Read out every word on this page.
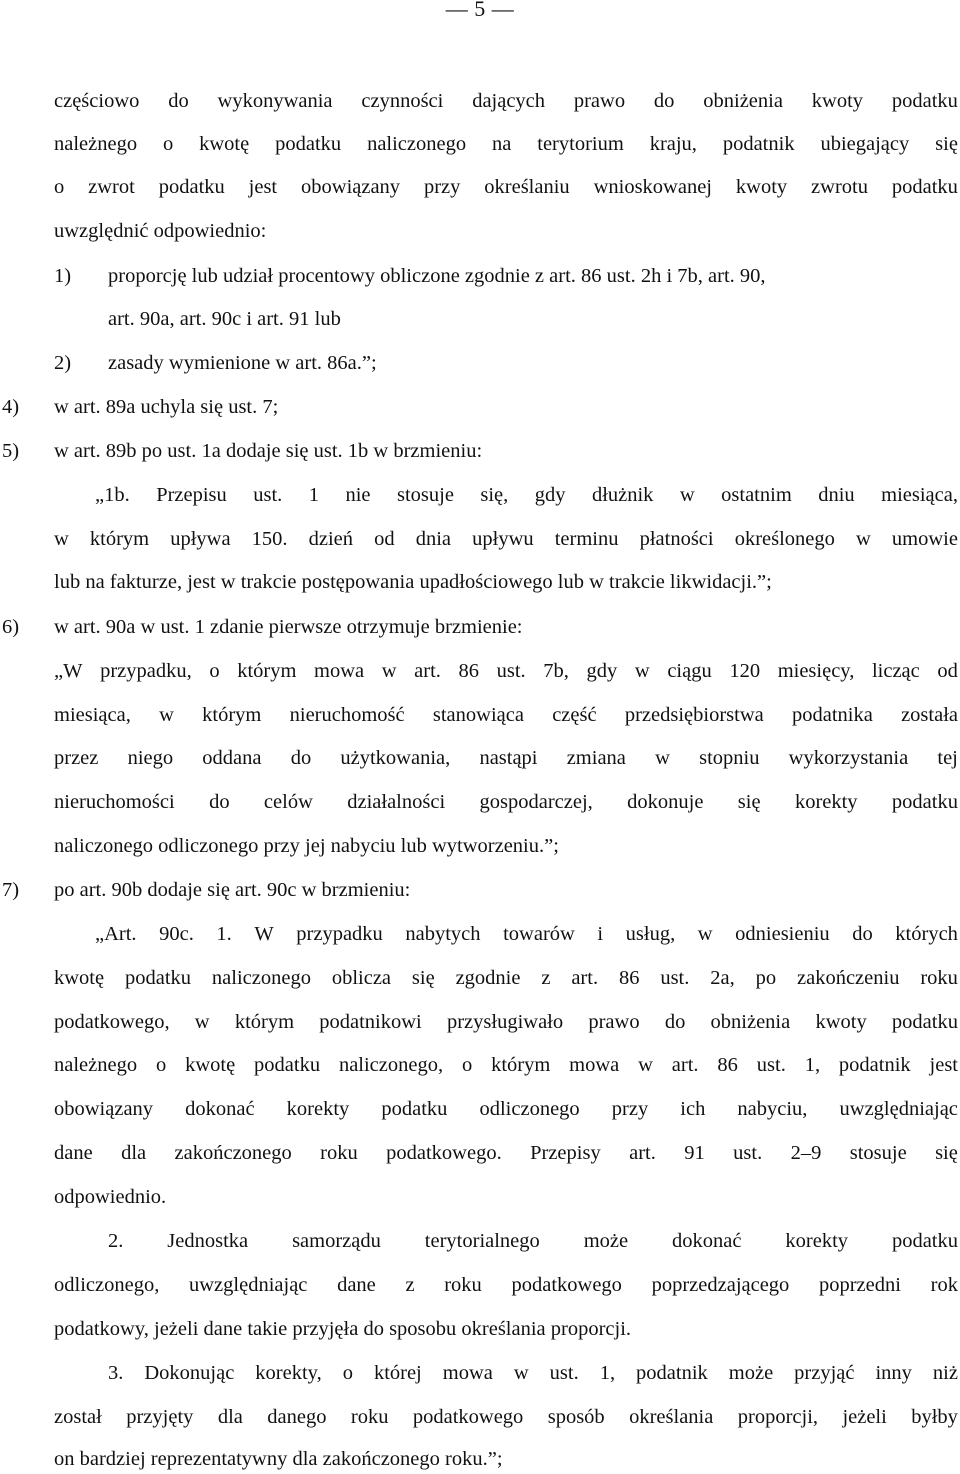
— 5 —
częściowo do wykonywania czynności dających prawo do obniżenia kwoty podatku
należnego o kwotę podatku naliczonego na terytorium kraju, podatnik ubiegający się
o zwrot podatku jest obowiązany przy określaniu wnioskowanej kwoty zwrotu podatku
uwzględnić odpowiednio:
1) proporcję lub udział procentowy obliczone zgodnie z art. 86 ust. 2h i 7b, art. 90,
art. 90a, art. 90c i art. 91 lub
2) zasady wymienione w art. 86a.”;
4) w art. 89a uchyla się ust. 7;
5) w art. 89b po ust. 1a dodaje się ust. 1b w brzmieniu:
„1b. Przepisu ust. 1 nie stosuje się, gdy dłużnik w ostatnim dniu miesiąca,
w którym upływa 150. dzień od dnia upływu terminu płatności określonego w umowie
lub na fakturze, jest w trakcie postępowania upadłościowego lub w trakcie likwidacji.”;
6) w art. 90a w ust. 1 zdanie pierwsze otrzymuje brzmienie:
„W przypadku, o którym mowa w art. 86 ust. 7b, gdy w ciągu 120 miesięcy, licząc od
miesiąca, w którym nieruchomość stanowiąca część przedsiębiorstwa podatnika została
przez niego oddana do użytkowania, nastąpi zmiana w stopniu wykorzystania tej
nieruchomości do celów działalności gospodarczej, dokonuje się korekty podatku
naliczonego odliczonego przy jej nabyciu lub wytworzeniu.”;
7) po art. 90b dodaje się art. 90c w brzmieniu:
„Art. 90c. 1. W przypadku nabytych towarów i usług, w odniesieniu do których
kwotę podatku naliczonego oblicza się zgodnie z art. 86 ust. 2a, po zakończeniu roku
podatkowego, w którym podatnikowi przysługiwało prawo do obniżenia kwoty podatku
należnego o kwotę podatku naliczonego, o którym mowa w art. 86 ust. 1, podatnik jest
obowiązany dokonać korekty podatku odliczonego przy ich nabyciu, uwzględniając
dane dla zakończonego roku podatkowego. Przepisy art. 91 ust. 2–9 stosuje się
odpowiednio.
2. Jednostka samorządu terytorialnego może dokonać korekty podatku
odliczonego, uwzględniając dane z roku podatkowego poprzedzającego poprzedni rok
podatkowy, jeżeli dane takie przyjęła do sposobu określania proporcji.
3. Dokonując korekty, o której mowa w ust. 1, podatnik może przyjąć inny niż
został przyjęty dla danego roku podatkowego sposób określania proporcji, jeżeli byłby
on bardziej reprezentatywny dla zakończonego roku.”;
